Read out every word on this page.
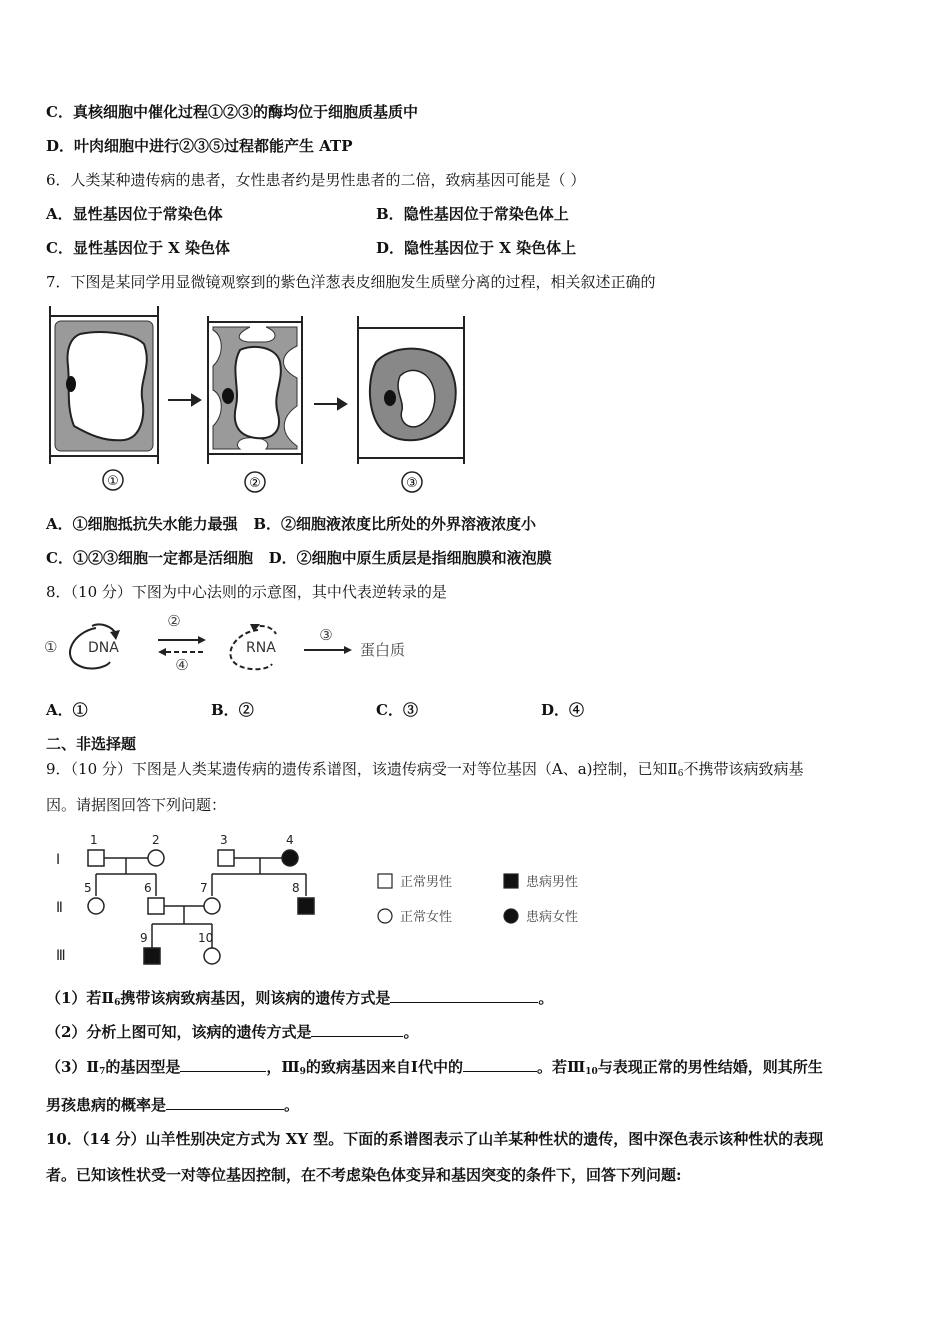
C．真核细胞中催化过程①②③的酶均位于细胞质基质中
D．叶肉细胞中进行②③⑤过程都能产生 ATP
6．人类某种遗传病的患者，女性患者约是男性患者的二倍，致病基因可能是（ ）
A．显性基因位于常染色体	B．隐性基因位于常染色体上
C．显性基因位于 X 染色体	D．隐性基因位于 X 染色体上
7．下图是某同学用显微镜观察到的紫色洋葱表皮细胞发生质壁分离的过程，相关叙述正确的
①	②	③
A．①细胞抵抗失水能力最强 B．②细胞液浓度比所处的外界溶液浓度小
C．①②③细胞一定都是活细胞 D．②细胞中原生质层是指细胞膜和液泡膜
8．（10 分）下图为中心法则的示意图，其中代表逆转录的是
① DNA
②
④
RNA
③
蛋白质
A．①	B．②	C．③	D．④
二、非选择题
9．（10 分）下图是人类某遗传病的遗传系谱图，该遗传病受一对等位基因（A、a)控制，已知$Ⅱ_6$不携带该病致病基
因。请据图回答下列问题：
Ⅰ
Ⅱ
Ⅲ
1	2	3	4
5	6	7	8
9	10
正常男性	患病男性
正常女性	患病女性
（1）若$Ⅱ_6$携带该病致病基因，则该病的遗传方式是	。
（2）分析上图可知，该病的遗传方式是	。
$(3)Ⅱ_7$的基因型是	，$Ⅲ_9$的致病基因来自Ⅰ代中的	。若$Ⅲ_{10}$与表现正常的男性结婚，则其所生
男孩患病的概率是	。
10．（14 分）山羊性别决定方式为 XY 型。下面的系谱图表示了山羊某种性状的遗传，图中深色表示该种性状的表现
者。已知该性状受一对等位基因控制，在不考虑染色体变异和基因突变的条件下，回答下列问题:
